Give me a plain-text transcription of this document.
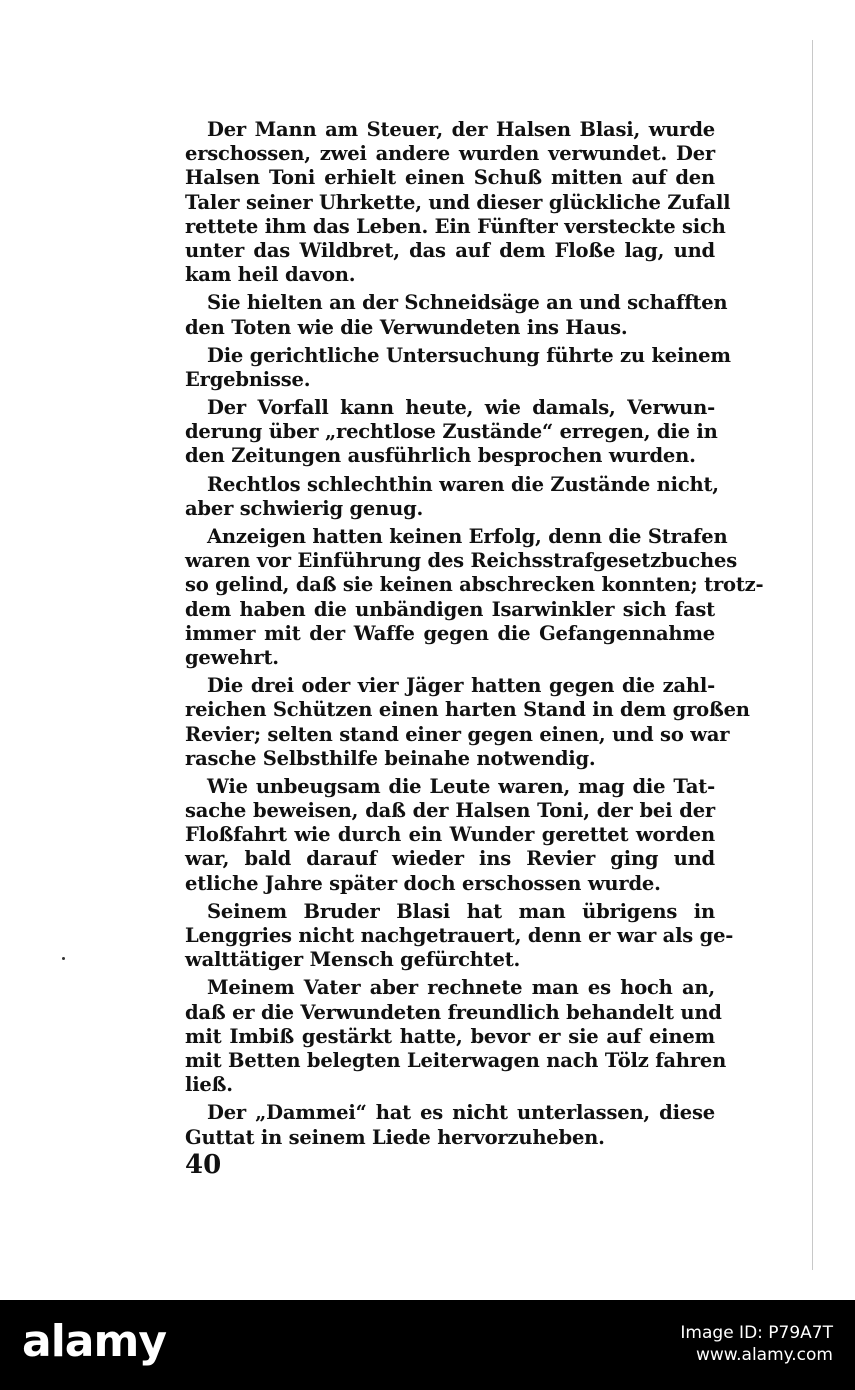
Der Mann am Steuer, der Halsen Blasi, wurde
erschossen, zwei andere wurden verwundet. Der
Halsen Toni erhielt einen Schuß mitten auf den
Taler seiner Uhrkette, und dieser glückliche Zufall
rettete ihm das Leben. Ein Fünfter versteckte sich
unter das Wildbret, das auf dem Floße lag, und
kam heil davon.
Sie hielten an der Schneidsäge an und schafften
den Toten wie die Verwundeten ins Haus.
Die gerichtliche Untersuchung führte zu keinem
Ergebnisse.
Der Vorfall kann heute, wie damals, Verwun-
derung über „rechtlose Zustände“ erregen, die in
den Zeitungen ausführlich besprochen wurden.
Rechtlos schlechthin waren die Zustände nicht,
aber schwierig genug.
Anzeigen hatten keinen Erfolg, denn die Strafen
waren vor Einführung des Reichsstrafgesetzbuches
so gelind, daß sie keinen abschrecken konnten; trotz-
dem haben die unbändigen Isarwinkler sich fast
immer mit der Waffe gegen die Gefangennahme
gewehrt.
Die drei oder vier Jäger hatten gegen die zahl-
reichen Schützen einen harten Stand in dem großen
Revier; selten stand einer gegen einen, und so war
rasche Selbsthilfe beinahe notwendig.
Wie unbeugsam die Leute waren, mag die Tat-
sache beweisen, daß der Halsen Toni, der bei der
Floßfahrt wie durch ein Wunder gerettet worden
war, bald darauf wieder ins Revier ging und
etliche Jahre später doch erschossen wurde.
Seinem Bruder Blasi hat man übrigens in
Lenggries nicht nachgetrauert, denn er war als ge-
walttätiger Mensch gefürchtet.
Meinem Vater aber rechnete man es hoch an,
daß er die Verwundeten freundlich behandelt und
mit Imbiß gestärkt hatte, bevor er sie auf einem
mit Betten belegten Leiterwagen nach Tölz fahren
ließ.
Der „Dammei“ hat es nicht unterlassen, diese
Guttat in seinem Liede hervorzuheben.
40
alamy	Image ID: P79A7T
www.alamy.com
